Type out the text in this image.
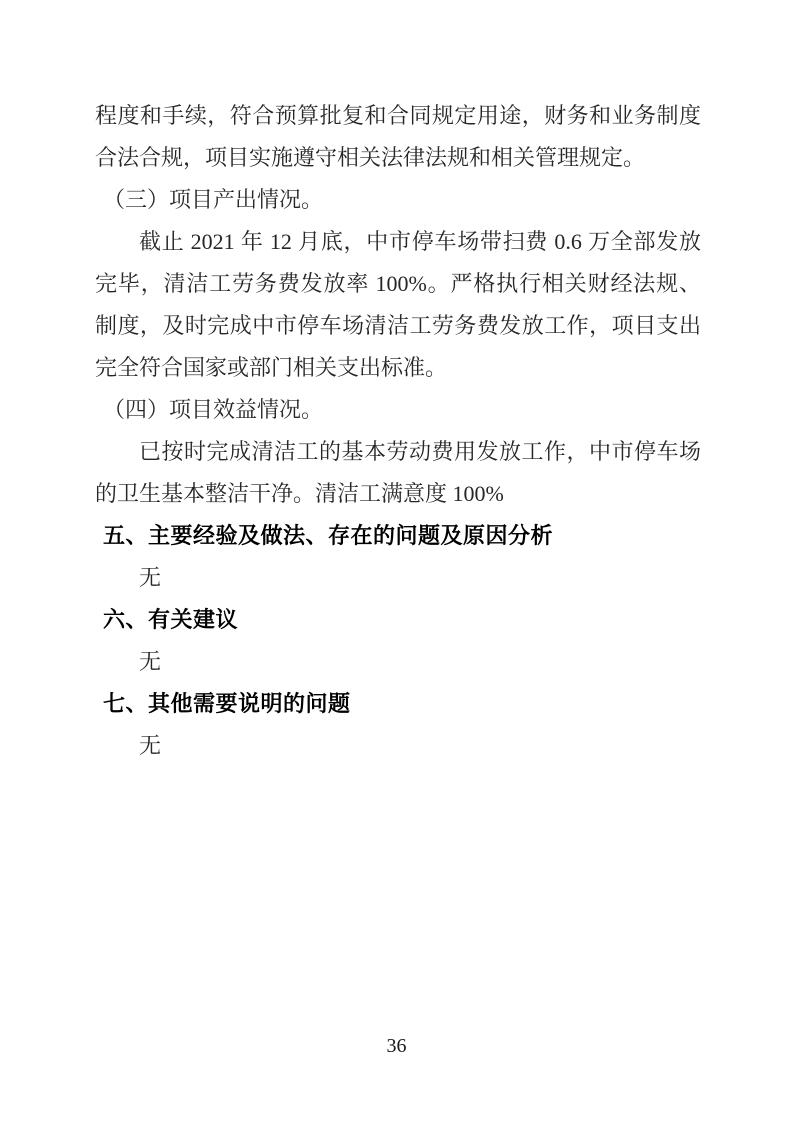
程度和手续，符合预算批复和合同规定用途，财务和业务制度合法合规，项目实施遵守相关法律法规和相关管理规定。

（三）项目产出情况。

截止 2021 年 12 月底，中市停车场带扫费 0.6 万全部发放完毕，清洁工劳务费发放率 100%。严格执行相关财经法规、制度，及时完成中市停车场清洁工劳务费发放工作，项目支出完全符合国家或部门相关支出标准。

（四）项目效益情况。

已按时完成清洁工的基本劳动费用发放工作，中市停车场的卫生基本整洁干净。清洁工满意度 100%

五、主要经验及做法、存在的问题及原因分析

无

六、有关建议

无

七、其他需要说明的问题

无

36
